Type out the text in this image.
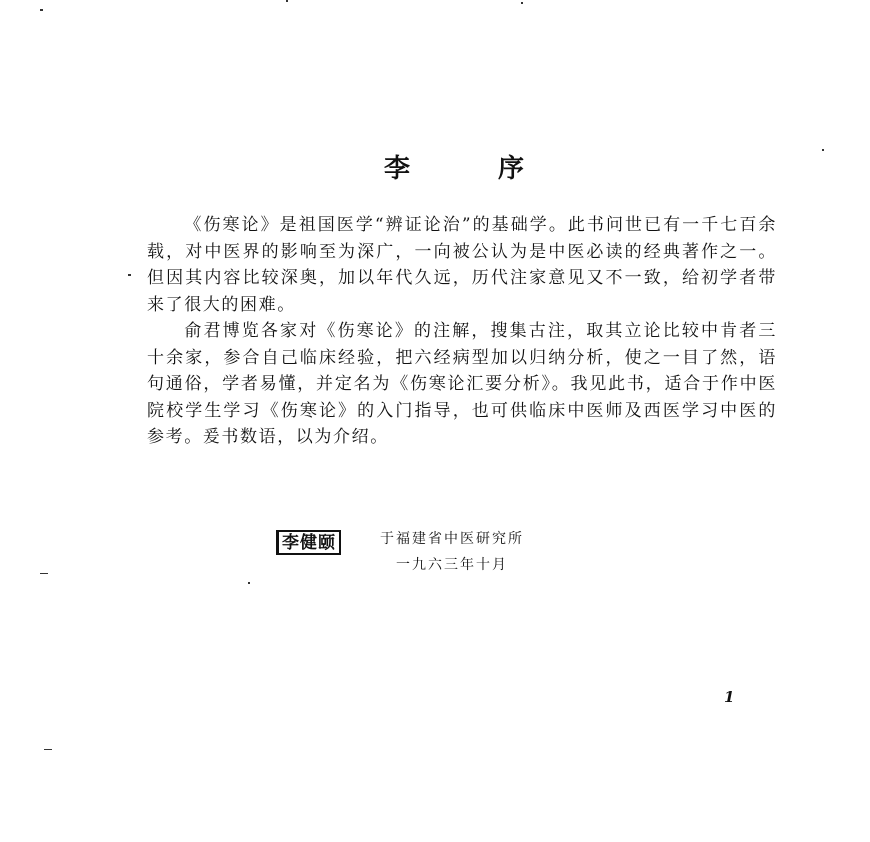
李	序

《伤寒论》是祖国医学“辨证论治”的基础学。此书问世已有一千七百余载，对中医界的影响至为深广，一向被公认为是中医必读的经典著作之一。但因其内容比较深奥，加以年代久远，历代注家意见又不一致，给初学者带来了很大的困难。

俞君博览各家对《伤寒论》的注解，搜集古注，取其立论比较中肯者三十余家，参合自己临床经验，把六经病型加以归纳分析，使之一目了然，语句通俗，学者易懂，并定名为《伤寒论汇要分析》。我见此书，适合于作中医院校学生学习《伤寒论》的入门指导，也可供临床中医师及西医学习中医的参考。爰书数语，以为介绍。

李健颐	于福建省中医研究所
一九六三年十月
1
